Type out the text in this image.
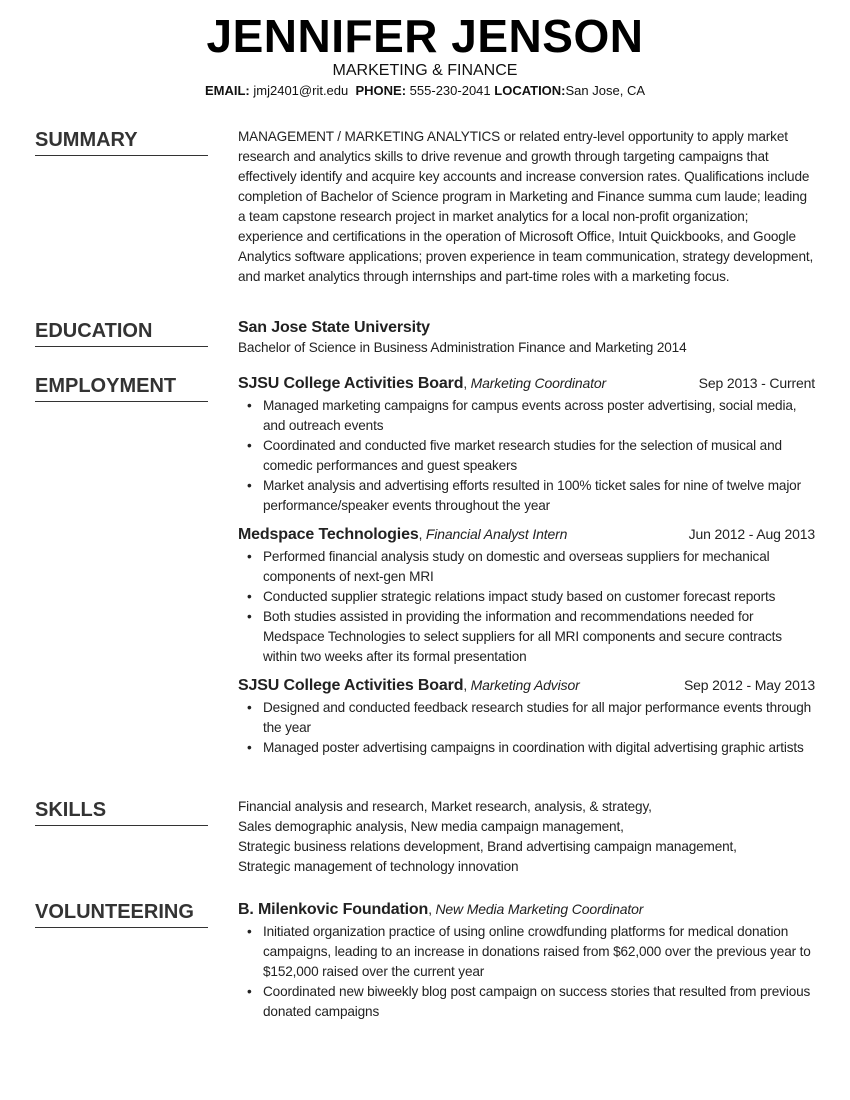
JENNIFER JENSON
MARKETING & FINANCE
EMAIL: jmj2401@rit.edu PHONE: 555-230-2041 LOCATION:San Jose, CA
SUMMARY	MANAGEMENT / MARKETING ANALYTICS or related entry-level opportunity to apply market research and analytics skills to drive revenue and growth through targeting campaigns that effectively identify and acquire key accounts and increase conversion rates. Qualifications include completion of Bachelor of Science program in Marketing and Finance summa cum laude; leading a team capstone research project in market analytics for a local non-profit organization; experience and certifications in the operation of Microsoft Office, Intuit Quickbooks, and Google Analytics software applications; proven experience in team communication, strategy development, and market analytics through internships and part-time roles with a marketing focus.
EDUCATION	San Jose State University
Bachelor of Science in Business Administration Finance and Marketing 2014
EMPLOYMENT	SJSU College Activities Board, Marketing Coordinator	Sep 2013 - Current
• Managed marketing campaigns for campus events across poster advertising, social media, and outreach events
• Coordinated and conducted five market research studies for the selection of musical and comedic performances and guest speakers
• Market analysis and advertising efforts resulted in 100% ticket sales for nine of twelve major performance/speaker events throughout the year
Medspace Technologies, Financial Analyst Intern	Jun 2012 - Aug 2013
• Performed financial analysis study on domestic and overseas suppliers for mechanical components of next-gen MRI
• Conducted supplier strategic relations impact study based on customer forecast reports
• Both studies assisted in providing the information and recommendations needed for Medspace Technologies to select suppliers for all MRI components and secure contracts within two weeks after its formal presentation
SJSU College Activities Board, Marketing Advisor	Sep 2012 - May 2013
• Designed and conducted feedback research studies for all major performance events through the year
• Managed poster advertising campaigns in coordination with digital advertising graphic artists
SKILLS	Financial analysis and research, Market research, analysis, & strategy,
Sales demographic analysis, New media campaign management,
Strategic business relations development, Brand advertising campaign management,
Strategic management of technology innovation
VOLUNTEERING	B. Milenkovic Foundation, New Media Marketing Coordinator
• Initiated organization practice of using online crowdfunding platforms for medical donation campaigns, leading to an increase in donations raised from $62,000 over the previous year to $152,000 raised over the current year
• Coordinated new biweekly blog post campaign on success stories that resulted from previous donated campaigns
